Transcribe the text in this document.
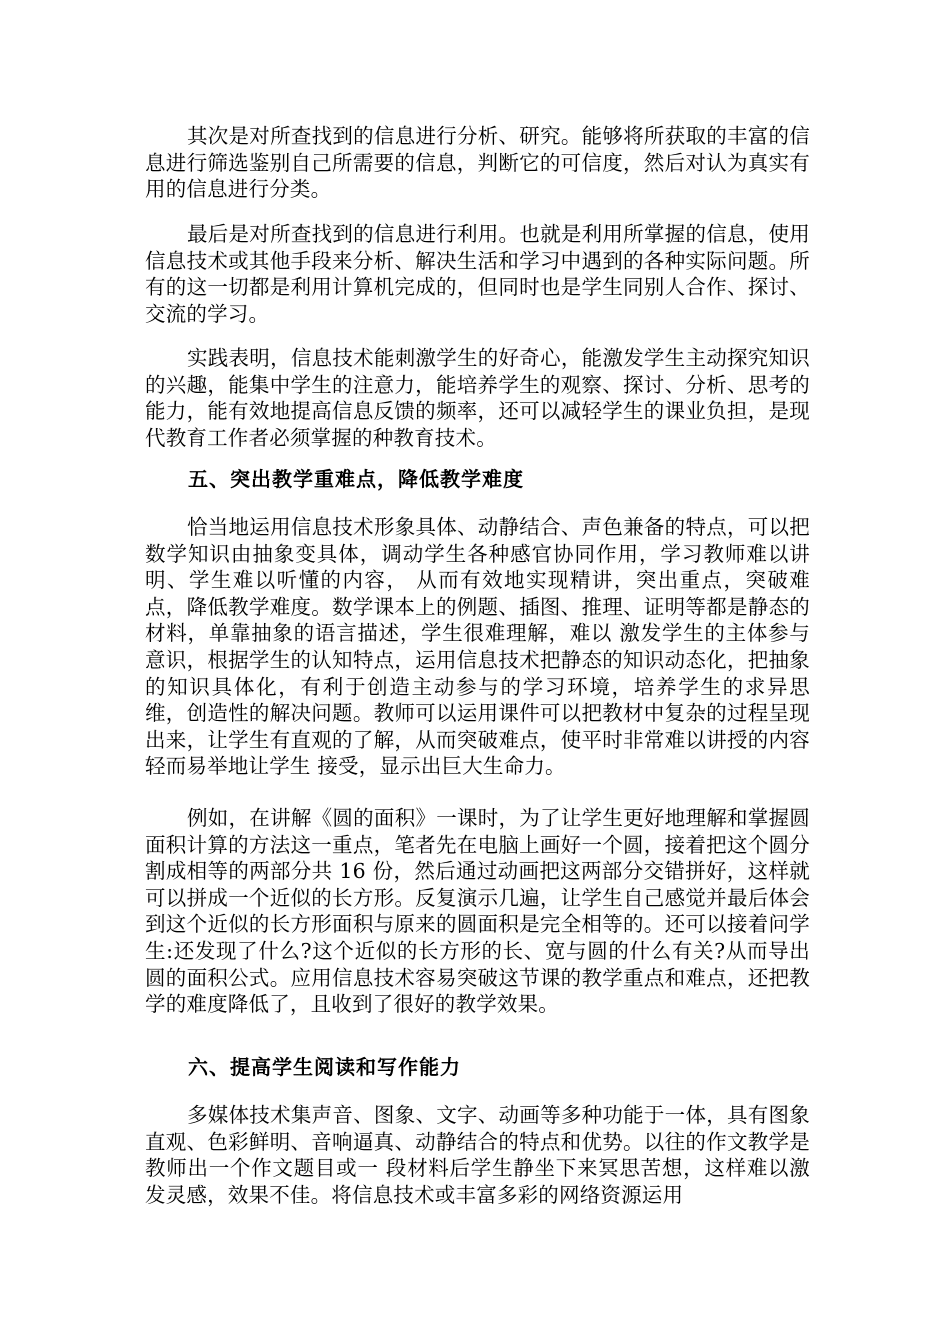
其次是对所查找到的信息进行分析、研究。能够将所获取的丰富的信息进行筛选鉴别自己所需要的信息，判断它的可信度，然后对认为真实有用的信息进行分类。

最后是对所查找到的信息进行利用。也就是利用所掌握的信息，使用信息技术或其他手段来分析、解决生活和学习中遇到的各种实际问题。所有的这一切都是利用计算机完成的，但同时也是学生同别人合作、探讨、交流的学习。

实践表明，信息技术能刺激学生的好奇心，能激发学生主动探究知识的兴趣，能集中学生的注意力，能培养学生的观察、探讨、分析、思考的能力，能有效地提高信息反馈的频率，还可以减轻学生的课业负担，是现代教育工作者必须掌握的种教育技术。

五、突出教学重难点，降低教学难度

恰当地运用信息技术形象具体、动静结合、声色兼备的特点，可以把数学知识由抽象变具体，调动学生各种感官协同作用，学习教师难以讲明、学生难以听懂的内容， 从而有效地实现精讲，突出重点，突破难点，降低教学难度。数学课本上的例题、插图、推理、证明等都是静态的材料，单靠抽象的语言描述，学生很难理解，难以 激发学生的主体参与意识，根据学生的认知特点，运用信息技术把静态的知识动态化，把抽象的知识具体化，有利于创造主动参与的学习环境，培养学生的求异思 维，创造性的解决问题。教师可以运用课件可以把教材中复杂的过程呈现出来，让学生有直观的了解，从而突破难点，使平时非常难以讲授的内容轻而易举地让学生 接受，显示出巨大生命力。

例如，在讲解《圆的面积》一课时，为了让学生更好地理解和掌握圆面积计算的方法这一重点，笔者先在电脑上画好一个圆，接着把这个圆分割成相等的两部分共 16 份，然后通过动画把这两部分交错拼好，这样就可以拼成一个近似的长方形。反复演示几遍，让学生自己感觉并最后体会到这个近似的长方形面积与原来的圆面积是完全相等的。还可以接着问学生:还发现了什么?这个近似的长方形的长、宽与圆的什么有关?从而导出圆的面积公式。应用信息技术容易突破这节课的教学重点和难点，还把教学的难度降低了，且收到了很好的教学效果。

六、提高学生阅读和写作能力

多媒体技术集声音、图象、文字、动画等多种功能于一体，具有图象直观、色彩鲜明、音响逼真、动静结合的特点和优势。以往的作文教学是教师出一个作文题目或一 段材料后学生静坐下来冥思苦想，这样难以激发灵感，效果不佳。将信息技术或丰富多彩的网络资源运用
